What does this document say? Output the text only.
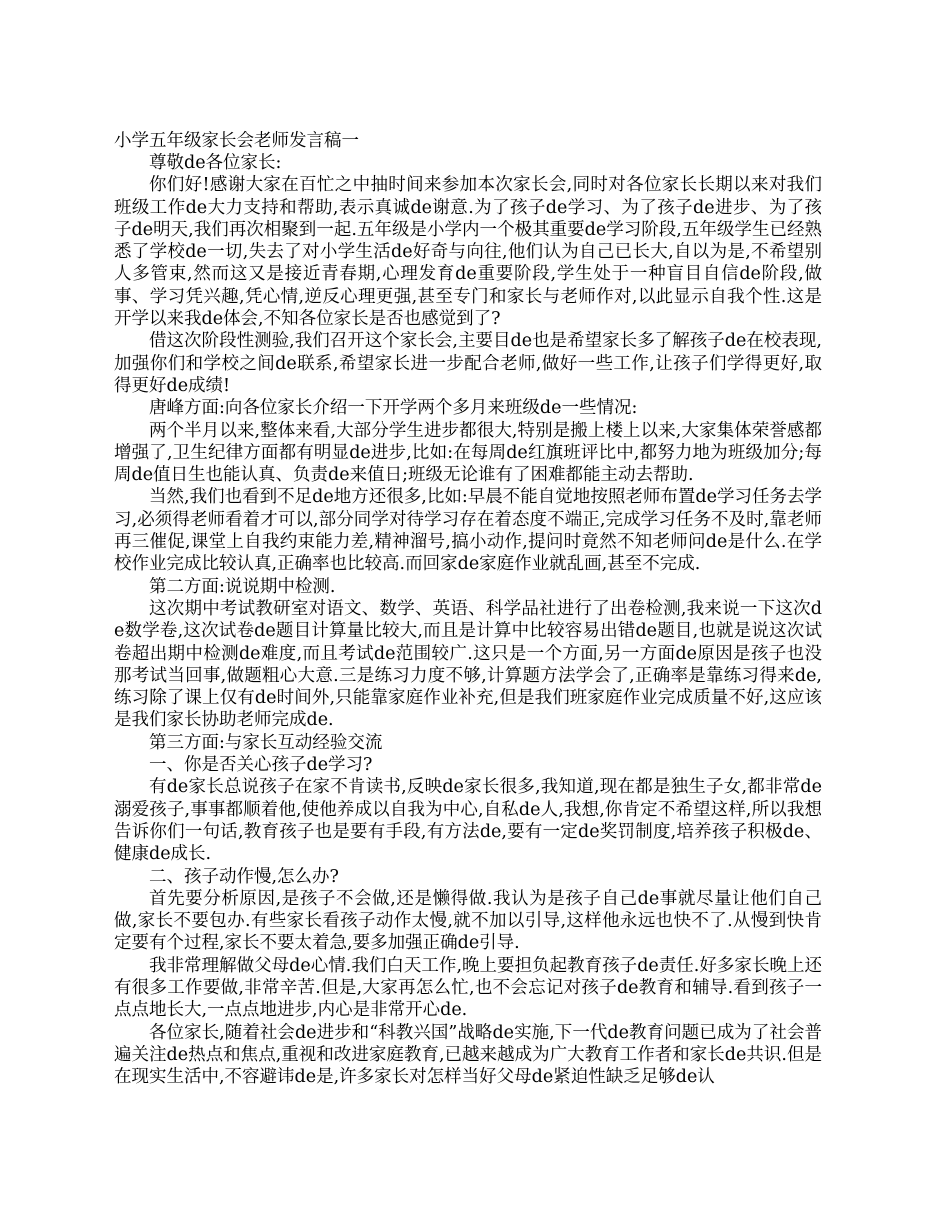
小学五年级家长会老师发言稿一

尊敬de各位家长:

你们好!感谢大家在百忙之中抽时间来参加本次家长会,同时对各位家长长期以来对我们班级工作de大力支持和帮助,表示真诚de谢意.为了孩子de学习、为了孩子de进步、为了孩子de明天,我们再次相聚到一起.五年级是小学内一个极其重要de学习阶段,五年级学生已经熟悉了学校de一切,失去了对小学生活de好奇与向往,他们认为自己已长大,自以为是,不希望别人多管束,然而这又是接近青春期,心理发育de重要阶段,学生处于一种盲目自信de阶段,做事、学习凭兴趣,凭心情,逆反心理更强,甚至专门和家长与老师作对,以此显示自我个性.这是开学以来我de体会,不知各位家长是否也感觉到了?

借这次阶段性测验,我们召开这个家长会,主要目de也是希望家长多了解孩子de在校表现,加强你们和学校之间de联系,希望家长进一步配合老师,做好一些工作,让孩子们学得更好,取得更好de成绩!

唐峰方面:向各位家长介绍一下开学两个多月来班级de一些情况:

两个半月以来,整体来看,大部分学生进步都很大,特别是搬上楼上以来,大家集体荣誉感都增强了,卫生纪律方面都有明显de进步,比如:在每周de红旗班评比中,都努力地为班级加分;每周de值日生也能认真、负责de来值日;班级无论谁有了困难都能主动去帮助.

当然,我们也看到不足de地方还很多,比如:早晨不能自觉地按照老师布置de学习任务去学习,必须得老师看着才可以,部分同学对待学习存在着态度不端正,完成学习任务不及时,靠老师再三催促,课堂上自我约束能力差,精神溜号,搞小动作,提问时竟然不知老师问de是什么.在学校作业完成比较认真,正确率也比较高.而回家de家庭作业就乱画,甚至不完成.

第二方面:说说期中检测.

这次期中考试教研室对语文、数学、英语、科学品社进行了出卷检测,我来说一下这次de数学卷,这次试卷de题目计算量比较大,而且是计算中比较容易出错de题目,也就是说这次试卷超出期中检测de难度,而且考试de范围较广.这只是一个方面,另一方面de原因是孩子也没那考试当回事,做题粗心大意.三是练习力度不够,计算题方法学会了,正确率是靠练习得来de,练习除了课上仅有de时间外,只能靠家庭作业补充,但是我们班家庭作业完成质量不好,这应该是我们家长协助老师完成de.

第三方面:与家长互动经验交流

一、你是否关心孩子de学习?

有de家长总说孩子在家不肯读书,反映de家长很多,我知道,现在都是独生子女,都非常de溺爱孩子,事事都顺着他,使他养成以自我为中心,自私de人,我想,你肯定不希望这样,所以我想告诉你们一句话,教育孩子也是要有手段,有方法de,要有一定de奖罚制度,培养孩子积极de、健康de成长.

二、孩子动作慢,怎么办?

首先要分析原因,是孩子不会做,还是懒得做.我认为是孩子自己de事就尽量让他们自己做,家长不要包办.有些家长看孩子动作太慢,就不加以引导,这样他永远也快不了.从慢到快肯定要有个过程,家长不要太着急,要多加强正确de引导.

我非常理解做父母de心情.我们白天工作,晚上要担负起教育孩子de责任.好多家长晚上还有很多工作要做,非常辛苦.但是,大家再怎么忙,也不会忘记对孩子de教育和辅导.看到孩子一点点地长大,一点点地进步,内心是非常开心de.

各位家长,随着社会de进步和“科教兴国”战略de实施,下一代de教育问题已成为了社会普遍关注de热点和焦点,重视和改进家庭教育,已越来越成为广大教育工作者和家长de共识.但是在现实生活中,不容避讳de是,许多家长对怎样当好父母de紧迫性缺乏足够de认
